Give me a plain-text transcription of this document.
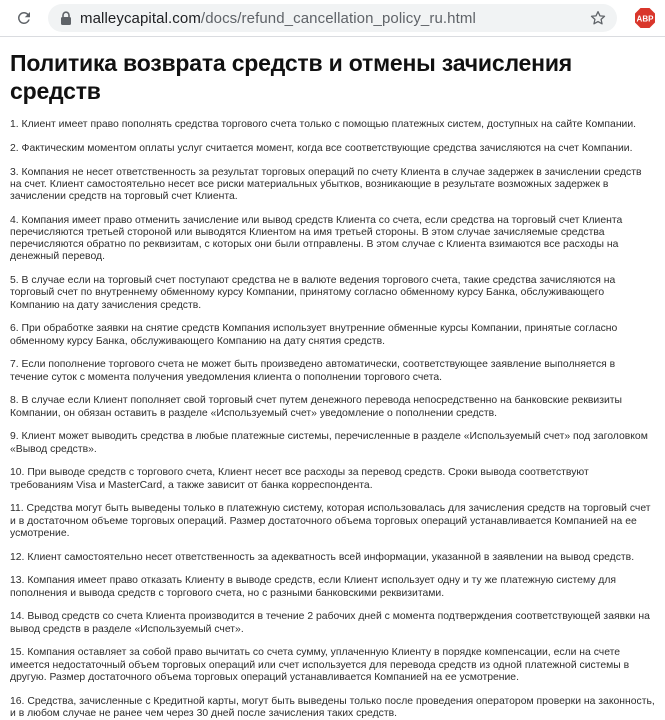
malleycapital.com/docs/refund_cancellation_policy_ru.html	ABP
Политика возврата средств и отмены зачисления средств

1. Клиент имеет право пополнять средства торгового счета только с помощью платежных систем, доступных на сайте Компании.

2. Фактическим моментом оплаты услуг считается момент, когда все соответствующие средства зачисляются на счет Компании.

3. Компания не несет ответственность за результат торговых операций по счету Клиента в случае задержек в зачислении средств на счет. Клиент самостоятельно несет все риски материальных убытков, возникающие в результате возможных задержек в зачислении средств на торговый счет Клиента.

4. Компания имеет право отменить зачисление или вывод средств Клиента со счета, если средства на торговый счет Клиента перечисляются третьей стороной или выводятся Клиентом на имя третьей стороны. В этом случае зачисляемые средства перечисляются обратно по реквизитам, с которых они были отправлены. В этом случае с Клиента взимаются все расходы на денежный перевод.

5. В случае если на торговый счет поступают средства не в валюте ведения торгового счета, такие средства зачисляются на торговый счет по внутреннему обменному курсу Компании, принятому согласно обменному курсу Банка, обслуживающего Компанию на дату зачисления средств.

6. При обработке заявки на снятие средств Компания использует внутренние обменные курсы Компании, принятые согласно обменному курсу Банка, обслуживающего Компанию на дату снятия средств.

7. Если пополнение торгового счета не может быть произведено автоматически, соответствующее заявление выполняется в течение суток с момента получения уведомления клиента о пополнении торгового счета.

8. В случае если Клиент пополняет свой торговый счет путем денежного перевода непосредственно на банковские реквизиты Компании, он обязан оставить в разделе «Используемый счет» уведомление о пополнении средств.

9. Клиент может выводить средства в любые платежные системы, перечисленные в разделе «Используемый счет» под заголовком «Вывод средств».

10. При выводе средств с торгового счета, Клиент несет все расходы за перевод средств. Сроки вывода соответствуют требованиям Visa и MasterCard, а также зависит от банка корреспондента.

11. Средства могут быть выведены только в платежную систему, которая использовалась для зачисления средств на торговый счет и в достаточном объеме торговых операций. Размер достаточного объема торговых операций устанавливается Компанией на ее усмотрение.

12. Клиент самостоятельно несет ответственность за адекватность всей информации, указанной в заявлении на вывод средств.

13. Компания имеет право отказать Клиенту в выводе средств, если Клиент использует одну и ту же платежную систему для пополнения и вывода средств с торгового счета, но с разными банковскими реквизитами.

14. Вывод средств со счета Клиента производится в течение 2 рабочих дней с момента подтверждения соответствующей заявки на вывод средств в разделе «Используемый счет».

15. Компания оставляет за собой право вычитать со счета сумму, уплаченную Клиенту в порядке компенсации, если на счете имеется недостаточный объем торговых операций или счет используется для перевода средств из одной платежной системы в другую. Размер достаточного объема торговых операций устанавливается Компанией на ее усмотрение.

16. Средства, зачисленные с Кредитной карты, могут быть выведены только после проведения оператором проверки на законность, и в любом случае не ранее чем через 30 дней после зачисления таких средств.
